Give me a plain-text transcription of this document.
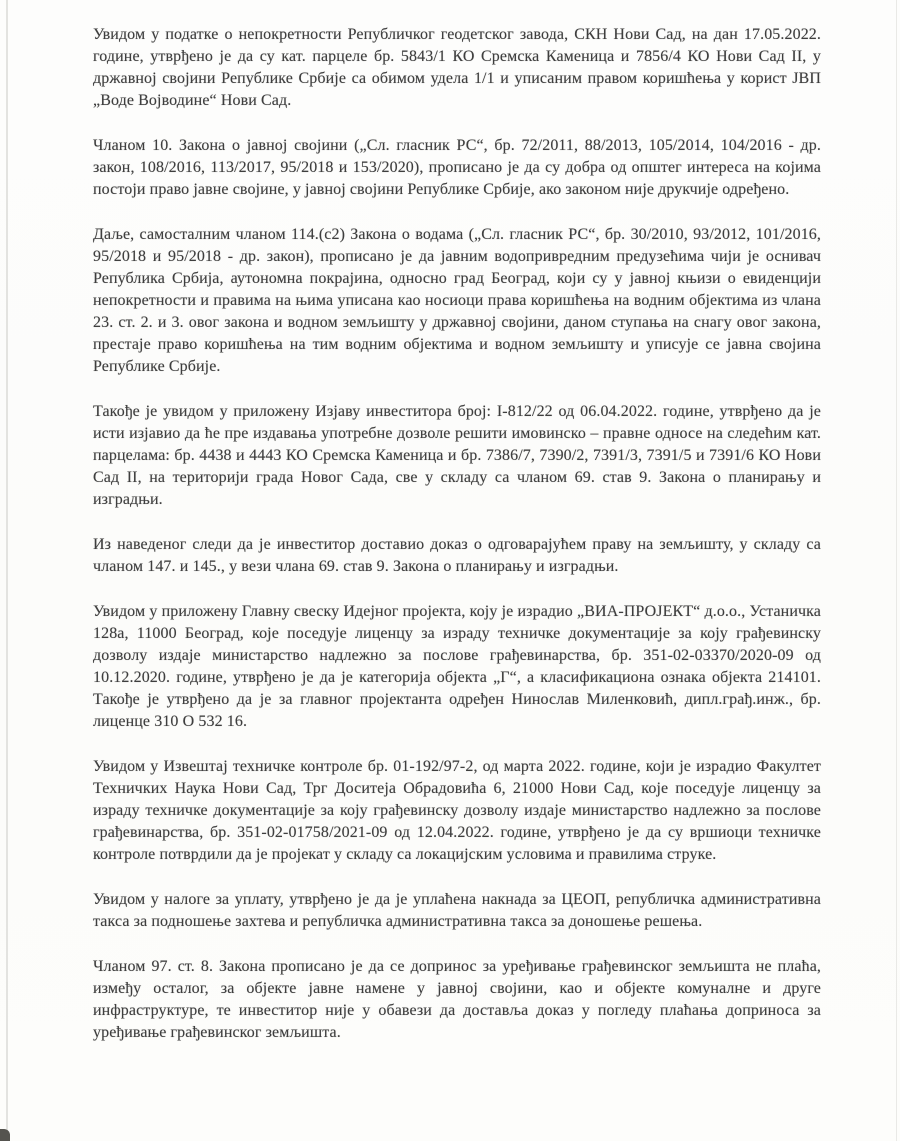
Увидом у податке о непокретности Републичког геодетског завода, СКН Нови Сад, на дан 17.05.2022. године, утврђено је да су кат. парцеле бр. 5843/1 КО Сремска Каменица и 7856/4 КО Нови Сад II, у државној својини Републике Србије са обимом удела 1/1 и уписаним правом коришћења у корист ЈВП „Воде Војводине“ Нови Сад.

Чланом 10. Закона о јавној својини („Сл. гласник РС“, бр. 72/2011, 88/2013, 105/2014, 104/2016 - др. закон, 108/2016, 113/2017, 95/2018 и 153/2020), прописано је да су добра од општег интереса на којима постоји право јавне својине, у јавној својини Републике Србије, ако законом није друкчије одређено.

Даље, самосталним чланом 114.(с2) Закона о водама („Сл. гласник РС“, бр. 30/2010, 93/2012, 101/2016, 95/2018 и 95/2018 - др. закон), прописано је да јавним водопривредним предузећима чији је оснивач Република Србија, аутономна покрајина, односно град Београд, који су у јавној књизи о евиденцији непокретности и правима на њима уписана као носиоци права коришћења на водним објектима из члана 23. ст. 2. и 3. овог закона и водном земљишту у државној својини, даном ступања на снагу овог закона, престаје право коришћења на тим водним објектима и водном земљишту и уписује се јавна својина Републике Србије.

Такође је увидом у приложену Изјаву инвеститора број: I-812/22 од 06.04.2022. године, утврђено да је исти изјавио да ће пре издавања употребне дозволе решити имовинско – правне односе на следећим кат. парцелама: бр. 4438 и 4443 КО Сремска Каменица и бр. 7386/7, 7390/2, 7391/3, 7391/5 и 7391/6 КО Нови Сад II, на територији града Новог Сада, све у складу са чланом 69. став 9. Закона о планирању и изградњи.

Из наведеног следи да је инвеститор доставио доказ о одговарајућем праву на земљишту, у складу са чланом 147. и 145., у вези члана 69. став 9. Закона о планирању и изградњи.

Увидом у приложену Главну свеску Идејног пројекта, коју је израдио „ВИА-ПРОЈЕКТ“ д.о.о., Устаничка 128а, 11000 Београд, које поседује лиценцу за израду техничке документације за коју грађевинску дозволу издаје министарство надлежно за послове грађевинарства, бр. 351-02-03370/2020-09 од 10.12.2020. године, утврђено је да је категорија објекта „Г“, а класификациона ознака објекта 214101. Такође је утврђено да је за главног пројектанта одређен Нинослав Миленковић, дипл.грађ.инж., бр. лиценце 310 О 532 16.

Увидом у Извештај техничке контроле бр. 01-192/97-2, од марта 2022. године, који је израдио Факултет Техничких Наука Нови Сад, Трг Доситеја Обрадовића 6, 21000 Нови Сад, које поседује лиценцу за израду техничке документације за коју грађевинску дозволу издаје министарство надлежно за послове грађевинарства, бр. 351-02-01758/2021-09 од 12.04.2022. године, утврђено је да су вршиоци техничке контроле потврдили да је пројекат у складу са локацијским условима и правилима струке.

Увидом у налоге за уплату, утврђено је да је уплаћена накнада за ЦЕОП, републичка административна такса за подношење захтева и републичка административна такса за доношење решења.

Чланом 97. ст. 8. Закона прописано је да се допринос за уређивање грађевинског земљишта не плаћа, између осталог, за објекте јавне намене у јавној својини, као и објекте комуналне и друге инфраструктуре, те инвеститор није у обавези да доставља доказ у погледу плаћања доприноса за уређивање грађевинског земљишта.
